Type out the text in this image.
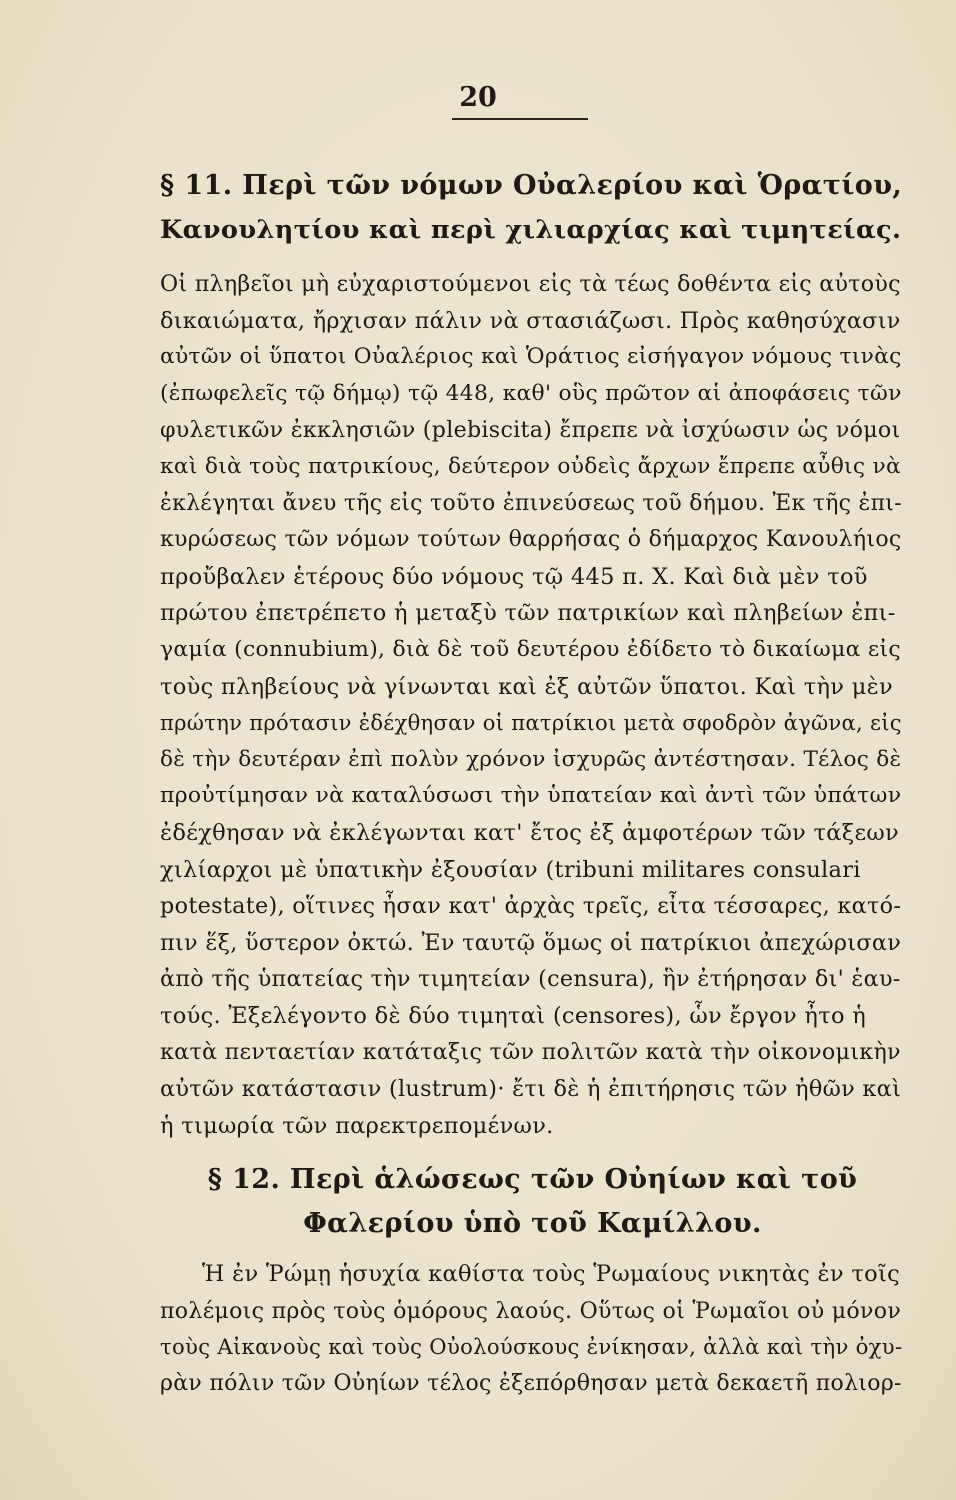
20
§ 11. Περὶ τῶν νόμων Οὐαλερίου καὶ Ὁρατίου,
Κανουλητίου καὶ περὶ χιλιαρχίας καὶ τιμητείας.
Οἱ πληβεῖοι μὴ εὐχαριστούμενοι εἰς τὰ τέως δοθέντα εἰς αὐτοὺς
δικαιώματα, ἤρχισαν πάλιν νὰ στασιάζωσι. Πρὸς καθησύχασιν
αὐτῶν οἱ ὕπατοι Οὐαλέριος καὶ Ὁράτιος εἰσήγαγον νόμους τινὰς
(ἐπωφελεῖς τῷ δήμῳ) τῷ 448, καθ' οὓς πρῶτον αἱ ἀποφάσεις τῶν
φυλετικῶν ἐκκλησιῶν (plebiscita) ἔπρεπε νὰ ἰσχύωσιν ὡς νόμοι
καὶ διὰ τοὺς πατρικίους, δεύτερον οὐδεὶς ἄρχων ἔπρεπε αὖθις νὰ
ἐκλέγηται ἄνευ τῆς εἰς τοῦτο ἐπινεύσεως τοῦ δήμου. Ἐκ τῆς ἐπι-
κυρώσεως τῶν νόμων τούτων θαρρήσας ὁ δήμαρχος Κανουλήιος
προὔβαλεν ἑτέρους δύο νόμους τῷ 445 π. Χ. Καὶ διὰ μὲν τοῦ
πρώτου ἐπετρέπετο ἡ μεταξὺ τῶν πατρικίων καὶ πληβείων ἐπι-
γαμία (connubium), διὰ δὲ τοῦ δευτέρου ἐδίδετο τὸ δικαίωμα εἰς
τοὺς πληβείους νὰ γίνωνται καὶ ἐξ αὐτῶν ὕπατοι. Καὶ τὴν μὲν
πρώτην πρότασιν ἐδέχθησαν οἱ πατρίκιοι μετὰ σφοδρὸν ἀγῶνα, εἰς
δὲ τὴν δευτέραν ἐπὶ πολὺν χρόνον ἰσχυρῶς ἀντέστησαν. Τέλος δὲ
προὐτίμησαν νὰ καταλύσωσι τὴν ὑπατείαν καὶ ἀντὶ τῶν ὑπάτων
ἐδέχθησαν νὰ ἐκλέγωνται κατ' ἔτος ἐξ ἀμφοτέρων τῶν τάξεων
χιλίαρχοι μὲ ὑπατικὴν ἐξουσίαν (tribuni militares consulari
potestate), οἵτινες ἦσαν κατ' ἀρχὰς τρεῖς, εἶτα τέσσαρες, κατό-
πιν ἕξ, ὕστερον ὀκτώ. Ἐν ταυτῷ ὅμως οἱ πατρίκιοι ἀπεχώρισαν
ἀπὸ τῆς ὑπατείας τὴν τιμητείαν (censura), ἣν ἐτήρησαν δι' ἑαυ-
τούς. Ἐξελέγοντο δὲ δύο τιμηταὶ (censores), ὧν ἔργον ἦτο ἡ
κατὰ πενταετίαν κατάταξις τῶν πολιτῶν κατὰ τὴν οἰκονομικὴν
αὐτῶν κατάστασιν (lustrum)· ἔτι δὲ ἡ ἐπιτήρησις τῶν ἠθῶν καὶ
ἡ τιμωρία τῶν παρεκτρεπομένων.
§ 12. Περὶ ἁλώσεως τῶν Οὐηίων καὶ τοῦ
Φαλερίου ὑπὸ τοῦ Καμίλλου.
Ἡ ἐν Ῥώμῃ ἡσυχία καθίστα τοὺς Ῥωμαίους νικητὰς ἐν τοῖς
πολέμοις πρὸς τοὺς ὁμόρους λαούς. Οὕτως οἱ Ῥωμαῖοι οὐ μόνον
τοὺς Αἰκανοὺς καὶ τοὺς Οὐολούσκους ἐνίκησαν, ἀλλὰ καὶ τὴν ὀχυ-
ρὰν πόλιν τῶν Οὐηίων τέλος ἐξεπόρθησαν μετὰ δεκαετῆ πολιορ-
